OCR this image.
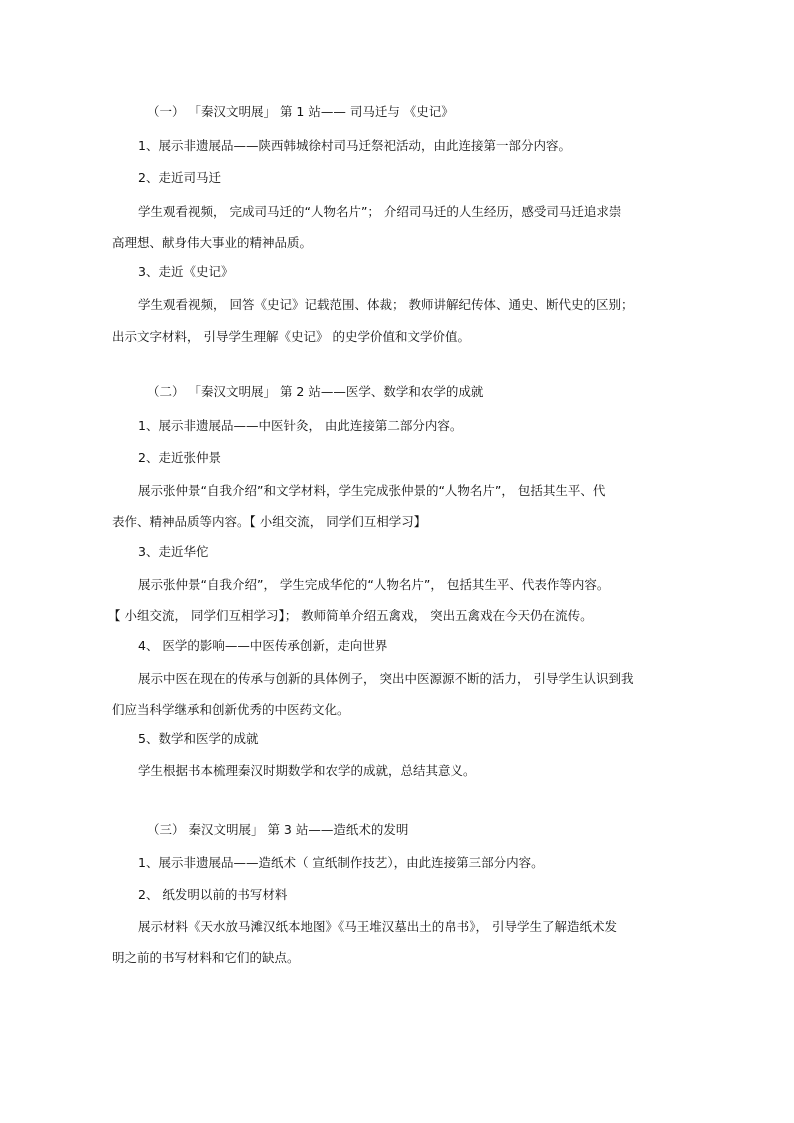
（一） 「秦汉文明展」 第 1 站—— 司马迁与 《史记》
1、展示非遗展品——陕西韩城徐村司马迁祭祀活动，由此连接第一部分内容。
2、走近司马迁
学生观看视频， 完成司马迁的“人物名片”； 介绍司马迁的人生经历，感受司马迁追求崇
高理想、献身伟大事业的精神品质。
3、走近《史记》
学生观看视频， 回答《史记》记载范围、体裁； 教师讲解纪传体、通史、断代史的区别；
出示文字材料， 引导学生理解《史记》 的史学价值和文学价值。
（二） 「秦汉文明展」 第 2 站——医学、数学和农学的成就
1、展示非遗展品——中医针灸， 由此连接第二部分内容。
2、走近张仲景
展示张仲景“自我介绍”和文学材料，学生完成张仲景的“人物名片”， 包括其生平、代
表作、精神品质等内容。【 小组交流， 同学们互相学习】
3、走近华佗
展示张仲景“自我介绍”， 学生完成华佗的“人物名片”， 包括其生平、代表作等内容。
【 小组交流， 同学们互相学习】； 教师简单介绍五禽戏， 突出五禽戏在今天仍在流传。
4、 医学的影响——中医传承创新，走向世界
展示中医在现在的传承与创新的具体例子， 突出中医源源不断的活力， 引导学生认识到我
们应当科学继承和创新优秀的中医药文化。
5、数学和医学的成就
学生根据书本梳理秦汉时期数学和农学的成就，总结其意义。
（三） 秦汉文明展」 第 3 站——造纸术的发明
1、展示非遗展品——造纸术（ 宣纸制作技艺），由此连接第三部分内容。
2、 纸发明以前的书写材料
展示材料《天水放马滩汉纸本地图》《马王堆汉墓出土的帛书》， 引导学生了解造纸术发
明之前的书写材料和它们的缺点。
